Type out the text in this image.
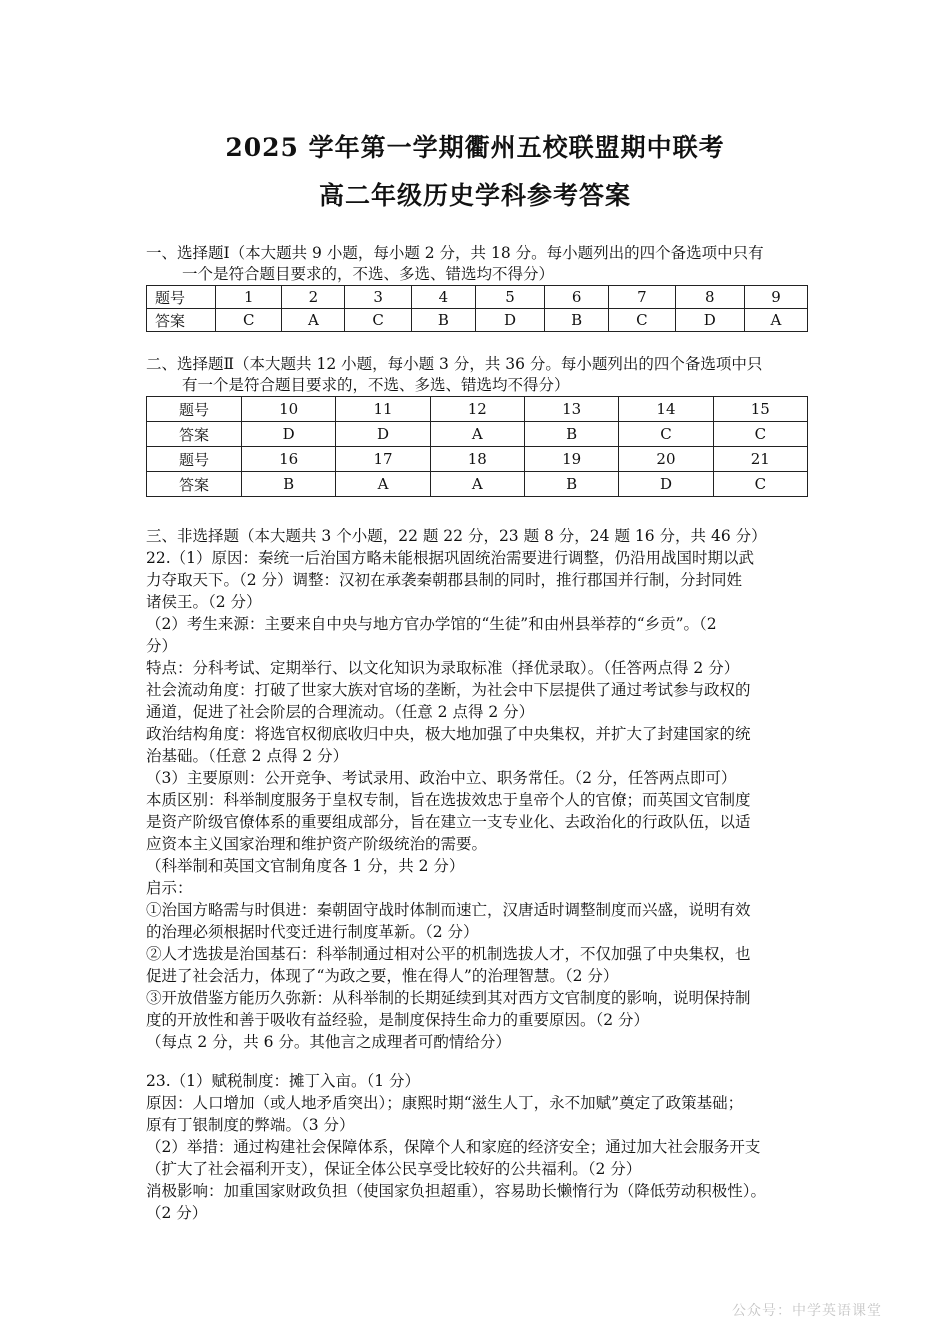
2025 学年第一学期衢州五校联盟期中联考
高二年级历史学科参考答案
一、选择题Ⅰ（本大题共 9 小题，每小题 2 分，共 18 分。每小题列出的四个备选项中只有
一个是符合题目要求的，不选、多选、错选均不得分）
题号	1	2	3	4	5	6	7	8	9
答案	C	A	C	B	D	B	C	D	A
二、选择题Ⅱ（本大题共 12 小题，每小题 3 分，共 36 分。每小题列出的四个备选项中只
有一个是符合题目要求的，不选、多选、错选均不得分）
题号	10	11	12	13	14	15
答案	D	D	A	B	C	C
题号	16	17	18	19	20	21
答案	B	A	A	B	D	C

三、非选择题（本大题共 3 个小题，22 题 22 分，23 题 8 分，24 题 16 分，共 46 分）

22.（1）原因：秦统一后治国方略未能根据巩固统治需要进行调整，仍沿用战国时期以武

力夺取天下。（2 分）调整：汉初在承袭秦朝郡县制的同时，推行郡国并行制，分封同姓

诸侯王。（2 分）

（2）考生来源：主要来自中央与地方官办学馆的“生徒”和由州县举荐的“乡贡”。（2

分）

特点：分科考试、定期举行、以文化知识为录取标准（择优录取）。（任答两点得 2 分）

社会流动角度：打破了世家大族对官场的垄断，为社会中下层提供了通过考试参与政权的

通道，促进了社会阶层的合理流动。（任意 2 点得 2 分）

政治结构角度：将选官权彻底收归中央，极大地加强了中央集权，并扩大了封建国家的统

治基础。（任意 2 点得 2 分）

（3）主要原则：公开竞争、考试录用、政治中立、职务常任。（2 分，任答两点即可）

本质区别：科举制度服务于皇权专制，旨在选拔效忠于皇帝个人的官僚；而英国文官制度

是资产阶级官僚体系的重要组成部分，旨在建立一支专业化、去政治化的行政队伍，以适

应资本主义国家治理和维护资产阶级统治的需要。

（科举制和英国文官制角度各 1 分，共 2 分）

启示：

①治国方略需与时俱进：秦朝固守战时体制而速亡，汉唐适时调整制度而兴盛，说明有效

的治理必须根据时代变迁进行制度革新。（2 分）

②人才选拔是治国基石：科举制通过相对公平的机制选拔人才，不仅加强了中央集权，也

促进了社会活力，体现了“为政之要，惟在得人”的治理智慧。（2 分）

③开放借鉴方能历久弥新：从科举制的长期延续到其对西方文官制度的影响，说明保持制

度的开放性和善于吸收有益经验，是制度保持生命力的重要原因。（2 分）

（每点 2 分，共 6 分。其他言之成理者可酌情给分）

23.（1）赋税制度：摊丁入亩。（1 分）

原因：人口增加（或人地矛盾突出）；康熙时期“滋生人丁，永不加赋”奠定了政策基础；

原有丁银制度的弊端。（3 分）

（2）举措：通过构建社会保障体系，保障个人和家庭的经济安全；通过加大社会服务开支

（扩大了社会福利开支），保证全体公民享受比较好的公共福利。（2 分）

消极影响：加重国家财政负担（使国家负担超重），容易助长懒惰行为（降低劳动积极性）。

（2 分）

公众号：中学英语课堂
